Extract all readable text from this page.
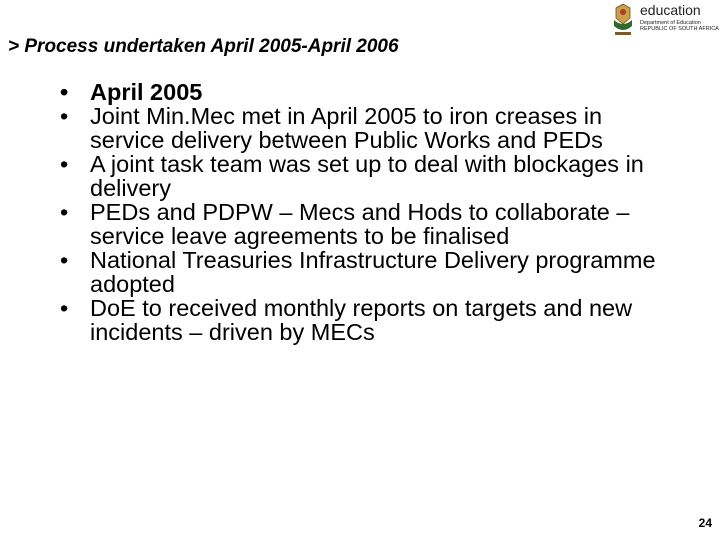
education
Department of Education
REPUBLIC OF SOUTH AFRICA
> Process undertaken April 2005-April 2006
• April 2005
• Joint Min.Mec met in April 2005 to iron creases in service delivery between Public Works and PEDs
• A joint task team was set up to deal with blockages in delivery
• PEDs and PDPW – Mecs and Hods to collaborate – service leave agreements to be finalised
• National Treasuries Infrastructure Delivery programme adopted
• DoE to received monthly reports on targets and new incidents – driven by MECs
24
